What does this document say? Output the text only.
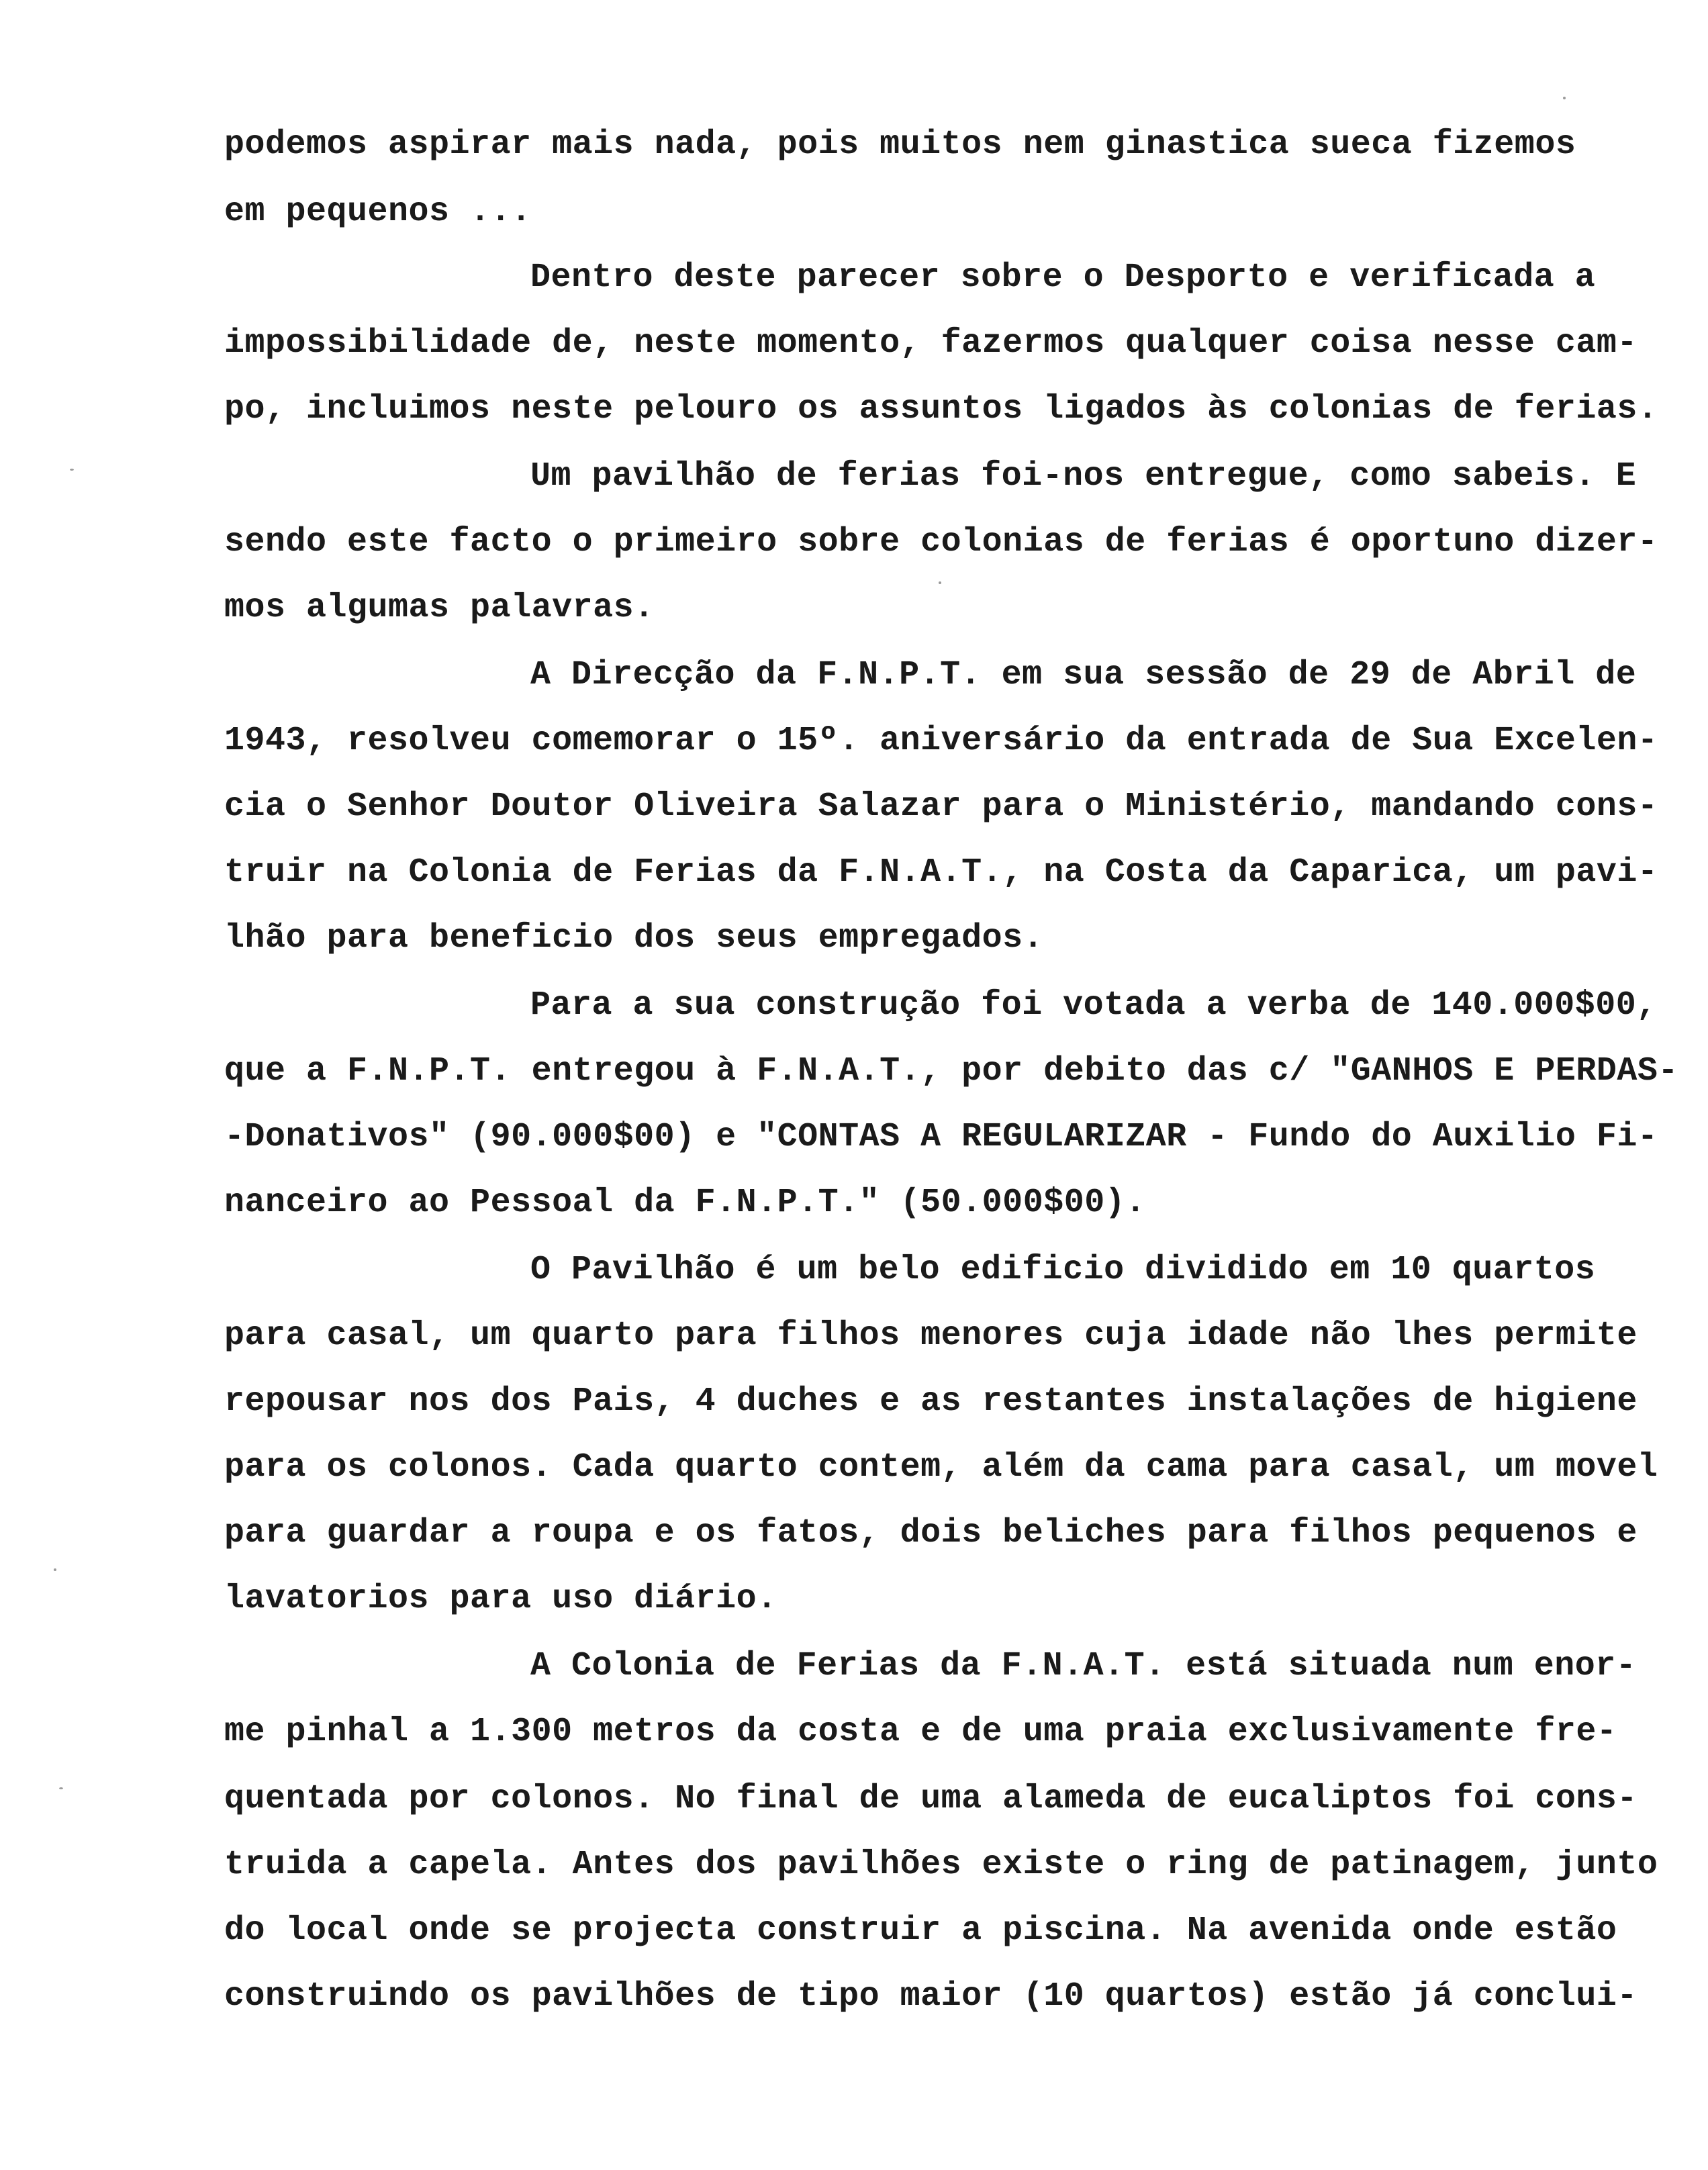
podemos aspirar mais nada, pois muitos nem ginastica sueca fizemos
em pequenos ...
Dentro deste parecer sobre o Desporto e verificada a
impossibilidade de, neste momento, fazermos qualquer coisa nesse cam-
po, incluimos neste pelouro os assuntos ligados às colonias de ferias.
Um pavilhão de ferias foi-nos entregue, como sabeis. E
sendo este facto o primeiro sobre colonias de ferias é oportuno dizer-
mos algumas palavras.
A Direcção da F.N.P.T. em sua sessão de 29 de Abril de
1943, resolveu comemorar o 15º. aniversário da entrada de Sua Excelen-
cia o Senhor Doutor Oliveira Salazar para o Ministério, mandando cons-
truir na Colonia de Ferias da F.N.A.T., na Costa da Caparica, um pavi-
lhão para beneficio dos seus empregados.
Para a sua construção foi votada a verba de 140.000$00,
que a F.N.P.T. entregou à F.N.A.T., por debito das c/ "GANHOS E PERDAS-
-Donativos" (90.000$00) e "CONTAS A REGULARIZAR - Fundo do Auxilio Fi-
nanceiro ao Pessoal da F.N.P.T." (50.000$00).
O Pavilhão é um belo edificio dividido em 10 quartos
para casal, um quarto para filhos menores cuja idade não lhes permite
repousar nos dos Pais, 4 duches e as restantes instalações de higiene
para os colonos. Cada quarto contem, além da cama para casal, um movel
para guardar a roupa e os fatos, dois beliches para filhos pequenos e
lavatorios para uso diário.
A Colonia de Ferias da F.N.A.T. está situada num enor-
me pinhal a 1.300 metros da costa e de uma praia exclusivamente fre-
quentada por colonos. No final de uma alameda de eucaliptos foi cons-
truida a capela. Antes dos pavilhões existe o ring de patinagem, junto
do local onde se projecta construir a piscina. Na avenida onde estão
construindo os pavilhões de tipo maior (10 quartos) estão já conclui-
